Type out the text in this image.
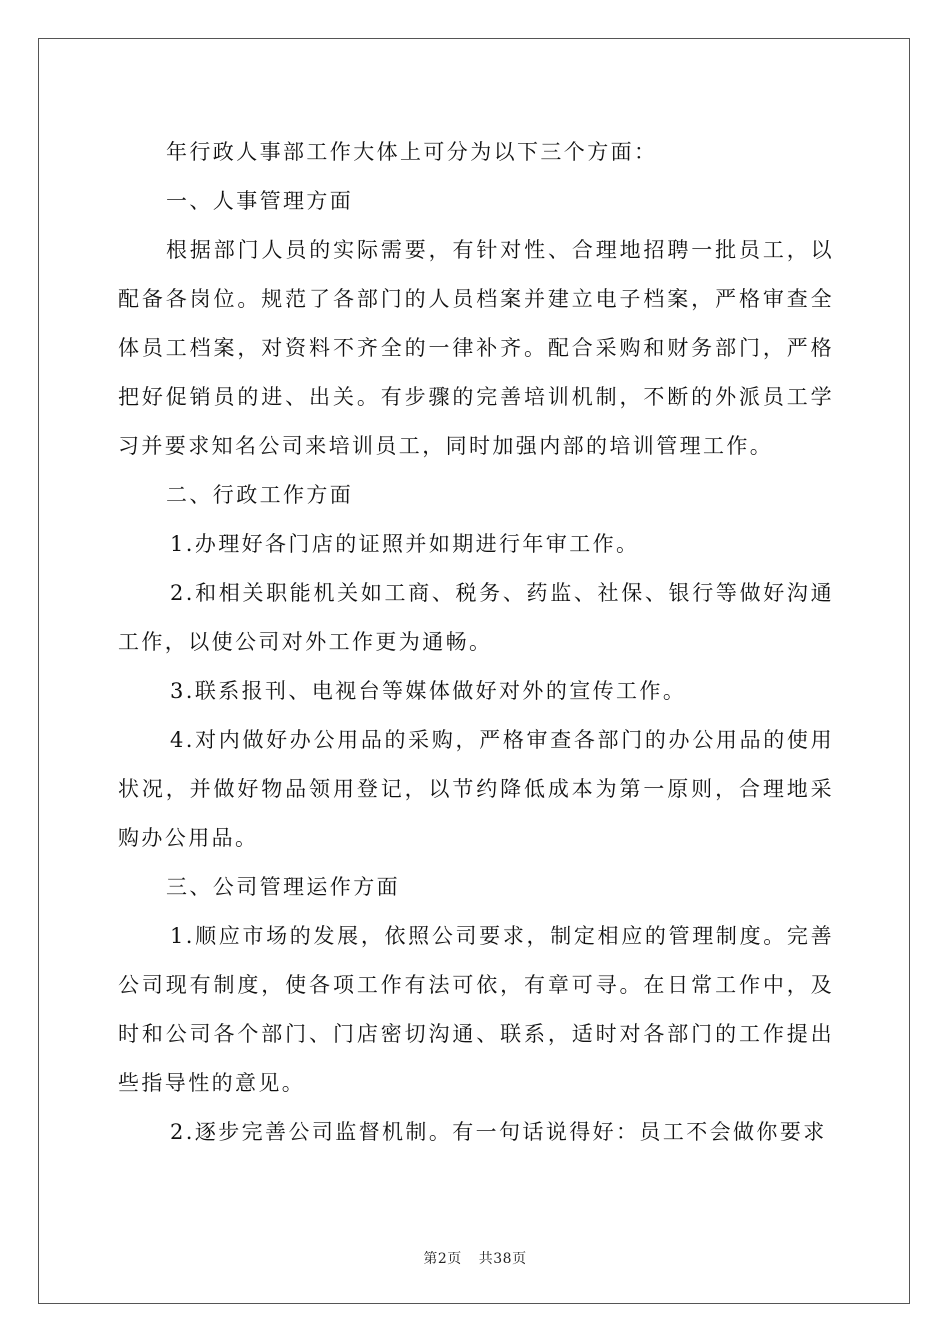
年行政人事部工作大体上可分为以下三个方面：

一、人事管理方面

根据部门人员的实际需要，有针对性、合理地招聘一批员工，以配备各岗位。规范了各部门的人员档案并建立电子档案，严格审查全体员工档案，对资料不齐全的一律补齐。配合采购和财务部门，严格把好促销员的进、出关。有步骤的完善培训机制，不断的外派员工学习并要求知名公司来培训员工，同时加强内部的培训管理工作。

二、行政工作方面

1.办理好各门店的证照并如期进行年审工作。

2.和相关职能机关如工商、税务、药监、社保、银行等做好沟通工作，以使公司对外工作更为通畅。

3.联系报刊、电视台等媒体做好对外的宣传工作。

4.对内做好办公用品的采购，严格审查各部门的办公用品的使用状况，并做好物品领用登记，以节约降低成本为第一原则，合理地采购办公用品。

三、公司管理运作方面

1.顺应市场的发展，依照公司要求，制定相应的管理制度。完善公司现有制度，使各项工作有法可依，有章可寻。在日常工作中，及时和公司各个部门、门店密切沟通、联系，适时对各部门的工作提出些指导性的意见。

2.逐步完善公司监督机制。有一句话说得好：员工不会做你要求

第2页 共38页
